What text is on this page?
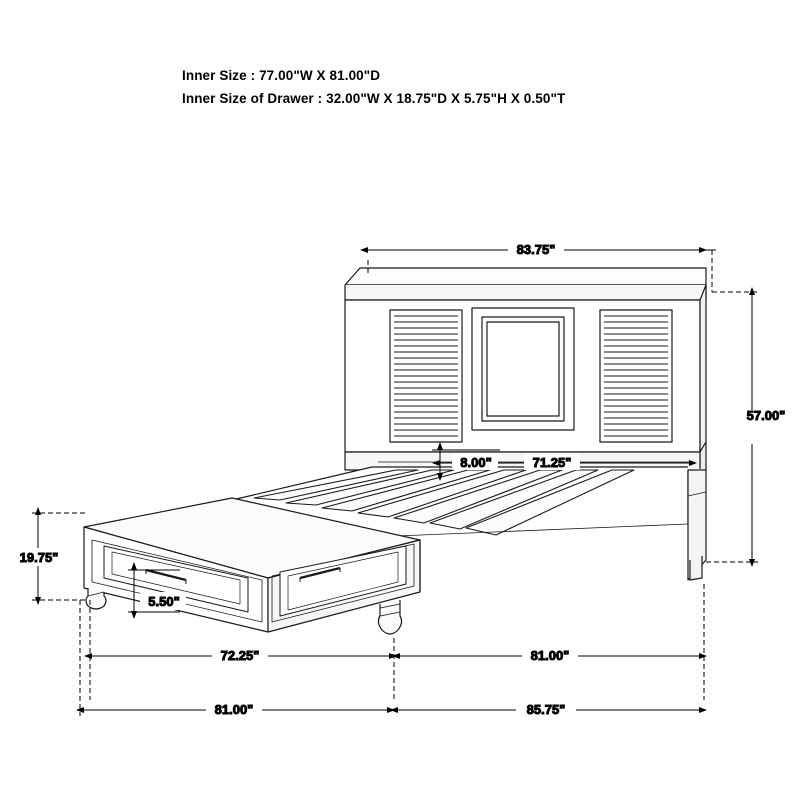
Inner Size : 77.00"W X 81.00"D
Inner Size of Drawer : 32.00"W X 18.75"D X 5.75"H X 0.50"T
83.75"
57.00"
71.25"
8.00"
19.75"
5.50"
72.25"	81.00"
81.00"	85.75"
